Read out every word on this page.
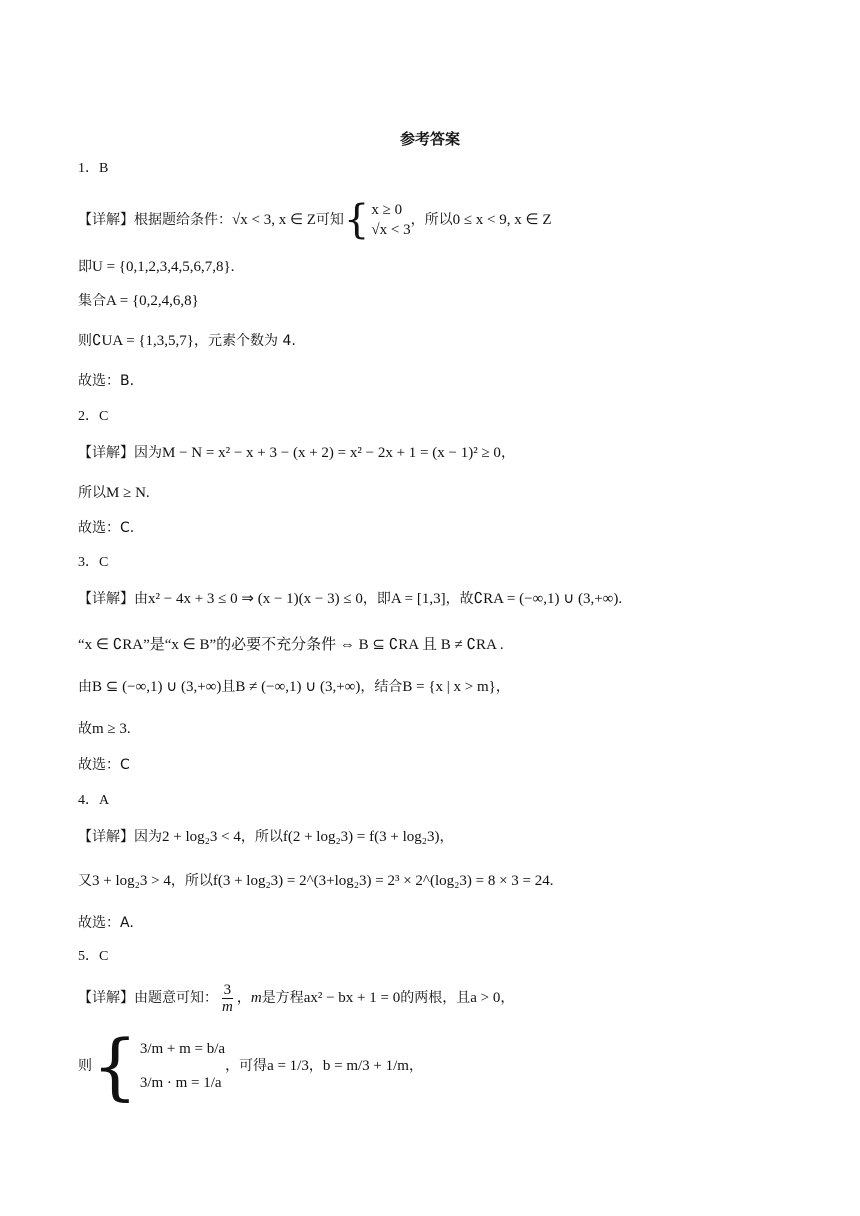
参考答案
1．B
【详解】根据题给条件：√x < 3, x ∈ Z可知 { x ≥ 0
√x < 3
，所以0 ≤ x < 9, x ∈ Z
即U = {0,1,2,3,4,5,6,7,8}.
集合A = {0,2,4,6,8}
则∁UA = {1,3,5,7}，元素个数为 4.
故选：B.
2．C
【详解】因为M − N = x² − x + 3 − (x + 2) = x² − 2x + 1 = (x − 1)² ≥ 0，
所以M ≥ N.
故选：C.
3．C
【详解】由x² − 4x + 3 ≤ 0 ⇒ (x − 1)(x − 3) ≤ 0，即A = [1,3]，故∁RA = (−∞,1) ∪ (3,+∞).
“x ∈ ∁RA”是“x ∈ B”的必要不充分条件 ⇔ B ⊆ ∁RA 且 B ≠ ∁RA .
由B ⊆ (−∞,1) ∪ (3,+∞)且B ≠ (−∞,1) ∪ (3,+∞)，结合B = {x | x > m}，
故m ≥ 3.
故选：C
4．A
【详解】因为2 + log₂3 < 4，所以f(2 + log₂3) = f(3 + log₂3)，
又3 + log₂3 > 4，所以f(3 + log₂3) = 2^(3+log₂3) = 2³ × 2^(log₂3) = 8 × 3 = 24.
故选：A.
5．C
【详解】由题意可知： $\frac{3}{m}$ ，m是方程ax² − bx + 1 = 0的两根，且a > 0，
则 { 3/m + m = b/a
3/m · m = 1/a
，可得a = 1/3，b = m/3 + 1/m，
